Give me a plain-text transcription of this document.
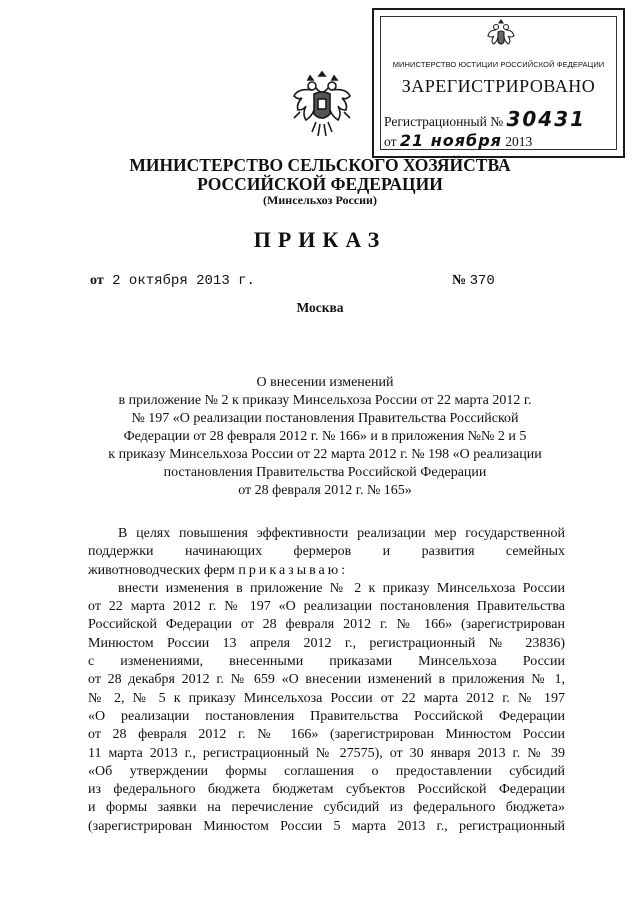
МИНИСТЕРСТВО ЮСТИЦИИ РОССИЙСКОЙ ФЕДЕРАЦИИ
ЗАРЕГИСТРИРОВАНО
Регистрационный № 30431
от 21 ноября 2013
МИНИСТЕРСТВО СЕЛЬСКОГО ХОЗЯЙСТВА
РОССИЙСКОЙ ФЕДЕРАЦИИ
(Минсельхоз России)
ПРИКАЗ
от 2 октября 2013 г.	№ 370
Москва
О внесении изменений
в приложение № 2 к приказу Минсельхоза России от 22 марта 2012 г.
№ 197 «О реализации постановления Правительства Российской
Федерации от 28 февраля 2012 г. № 166» и в приложения №№ 2 и 5
к приказу Минсельхоза России от 22 марта 2012 г. № 198 «О реализации
постановления Правительства Российской Федерации
от 28 февраля 2012 г. № 165»
В целях повышения эффективности реализации мер государственной
поддержки начинающих фермеров и развития семейных
животноводческих ферм приказываю:
внести изменения в приложение № 2 к приказу Минсельхоза России
от 22 марта 2012 г. № 197 «О реализации постановления Правительства
Российской Федерации от 28 февраля 2012 г. № 166» (зарегистрирован
Минюстом России 13 апреля 2012 г., регистрационный № 23836)
с изменениями, внесенными приказами Минсельхоза России
от 28 декабря 2012 г. № 659 «О внесении изменений в приложения № 1,
№ 2, № 5 к приказу Минсельхоза России от 22 марта 2012 г. № 197
«О реализации постановления Правительства Российской Федерации
от 28 февраля 2012 г. № 166» (зарегистрирован Минюстом России
11 марта 2013 г., регистрационный № 27575), от 30 января 2013 г. № 39
«Об утверждении формы соглашения о предоставлении субсидий
из федерального бюджета бюджетам субъектов Российской Федерации
и формы заявки на перечисление субсидий из федерального бюджета»
(зарегистрирован Минюстом России 5 марта 2013 г., регистрационный
